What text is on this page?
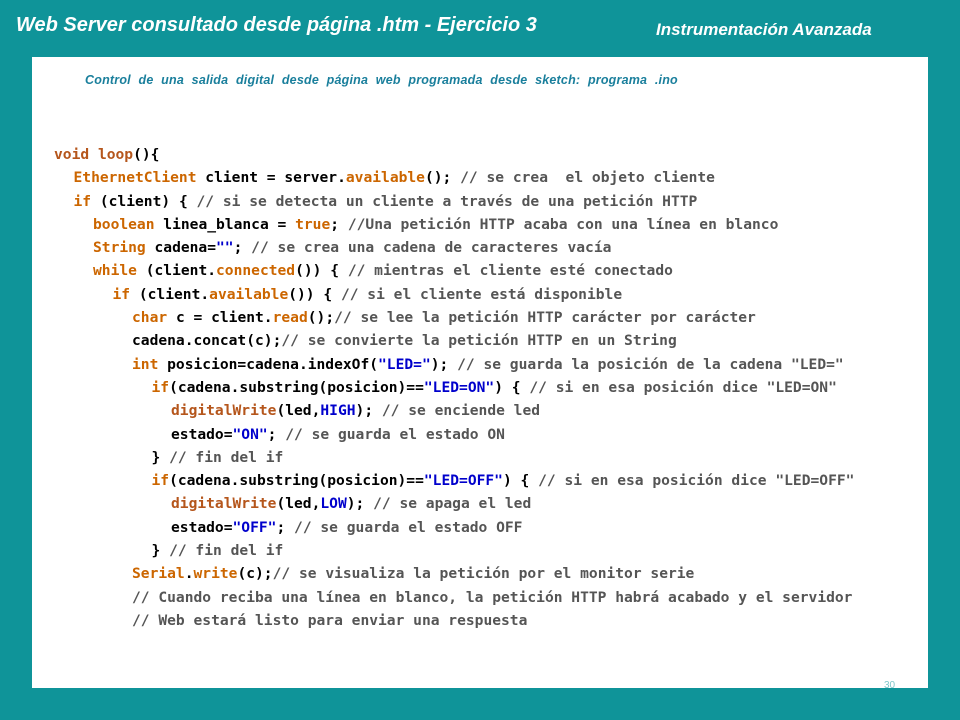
Web Server consultado desde página .htm - Ejercicio 3	Instrumentación Avanzada
Control de una salida digital desde página web programada desde sketch: programa .ino
void loop(){
EthernetClient client = server.available(); // se crea  el objeto cliente
if (client) { // si se detecta un cliente a través de una petición HTTP
boolean linea_blanca = true; //Una petición HTTP acaba con una línea en blanco
String cadena=""; // se crea una cadena de caracteres vacía
while (client.connected()) { // mientras el cliente esté conectado
if (client.available()) { // si el cliente está disponible
char c = client.read();// se lee la petición HTTP carácter por carácter
cadena.concat(c);// se convierte la petición HTTP en un String
int posicion=cadena.indexOf("LED="); // se guarda la posición de la cadena "LED="
if(cadena.substring(posicion)=="LED=ON") { // si en esa posición dice "LED=ON"
digitalWrite(led,HIGH); // se enciende led
estado="ON"; // se guarda el estado ON
} // fin del if
if(cadena.substring(posicion)=="LED=OFF") { // si en esa posición dice "LED=OFF"
digitalWrite(led,LOW); // se apaga el led
estado="OFF"; // se guarda el estado OFF
} // fin del if
Serial.write(c);// se visualiza la petición por el monitor serie
// Cuando reciba una línea en blanco, la petición HTTP habrá acabado y el servidor
// Web estará listo para enviar una respuesta
30
